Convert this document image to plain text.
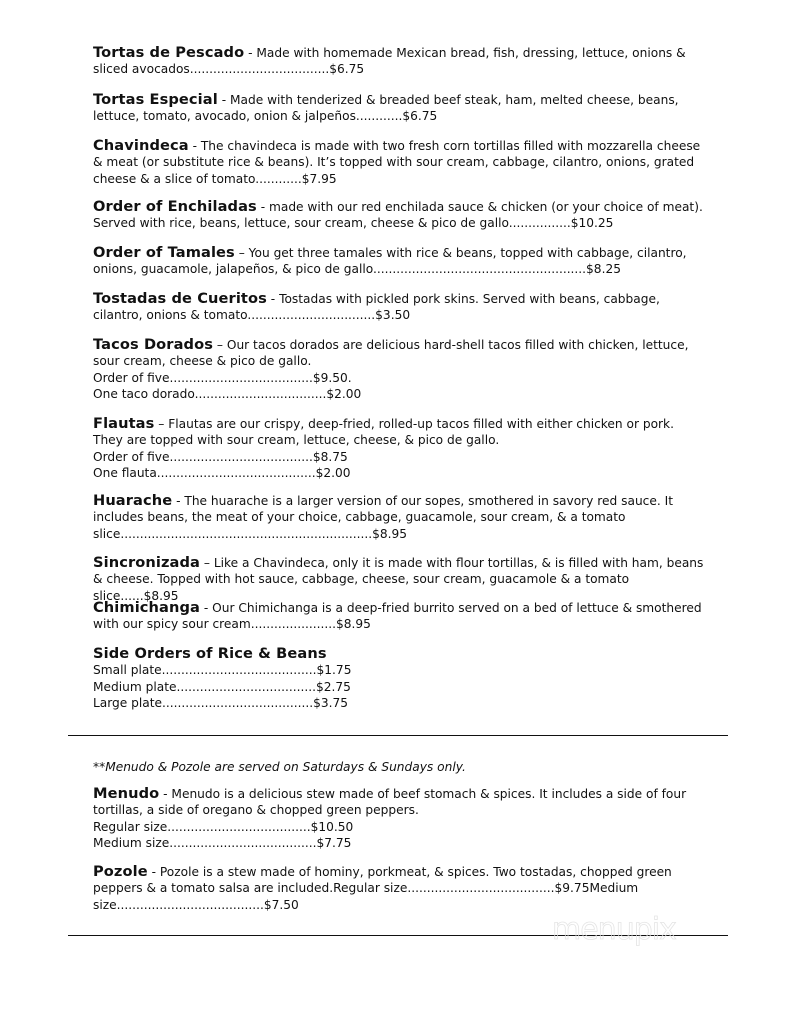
Tortas de Pescado - Made with homemade Mexican bread, fish, dressing, lettuce, onions & sliced avocados....................................$6.75

Tortas Especial - Made with tenderized & breaded beef steak, ham, melted cheese, beans, lettuce, tomato, avocado, onion & jalpeños............$6.75

Chavindeca - The chavindeca is made with two fresh corn tortillas filled with mozzarella cheese & meat (or substitute rice & beans). It’s topped with sour cream, cabbage, cilantro, onions, grated cheese & a slice of tomato............$7.95

Order of Enchiladas - made with our red enchilada sauce & chicken (or your choice of meat). Served with rice, beans, lettuce, sour cream, cheese & pico de gallo................$10.25

Order of Tamales – You get three tamales with rice & beans, topped with cabbage, cilantro, onions, guacamole, jalapeños, & pico de gallo.......................................................$8.25

Tostadas de Cueritos - Tostadas with pickled pork skins. Served with beans, cabbage, cilantro, onions & tomato.................................$3.50

Tacos Dorados – Our tacos dorados are delicious hard-shell tacos filled with chicken, lettuce, sour cream, cheese & pico de gallo.

Order of five.....................................$9.50.
One taco dorado..................................$2.00

Flautas – Flautas are our crispy, deep-fried, rolled-up tacos filled with either chicken or pork. They are topped with sour cream, lettuce, cheese, & pico de gallo.

Order of five.....................................$8.75
One flauta.........................................$2.00

Huarache - The huarache is a larger version of our sopes, smothered in savory red sauce. It includes beans, the meat of your choice, cabbage, guacamole, sour cream, & a tomato slice.................................................................$8.95

Sincronizada – Like a Chavindeca, only it is made with flour tortillas, & is filled with ham, beans & cheese. Topped with hot sauce, cabbage, cheese, sour cream, guacamole & a tomato slice......$8.95

Chimichanga - Our Chimichanga is a deep-fried burrito served on a bed of lettuce & smothered with our spicy sour cream......................$8.95

Side Orders of Rice & Beans

Small plate........................................$1.75
Medium plate....................................$2.75
Large plate.......................................$3.75
**Menudo & Pozole are served on Saturdays & Sundays only.

Menudo - Menudo is a delicious stew made of beef stomach & spices. It includes a side of four tortillas, a side of oregano & chopped green peppers.

Regular size.....................................$10.50
Medium size......................................$7.75

Pozole - Pozole is a stew made of hominy, porkmeat, & spices. Two tostadas, chopped green peppers & a tomato salsa are included.Regular size......................................$9.75Medium size......................................$7.50

menupix
